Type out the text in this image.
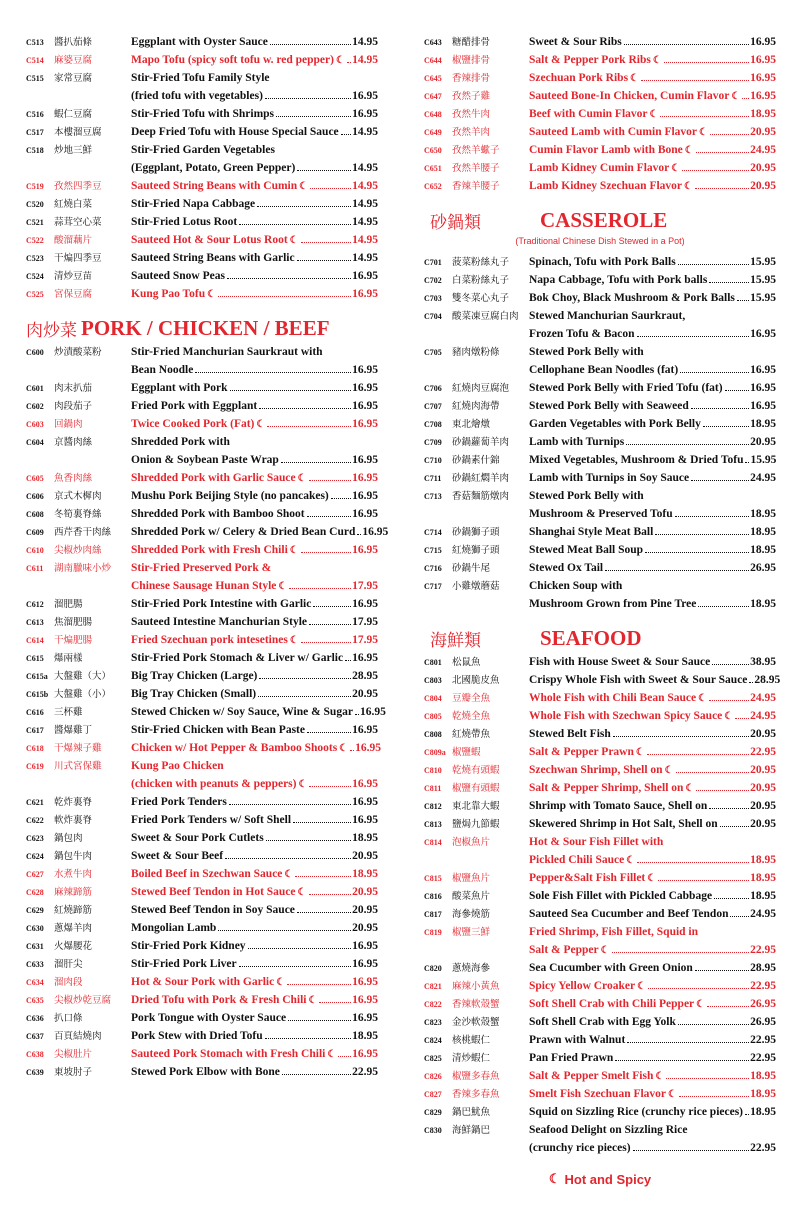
C513	醬扒茄條	Eggplant with Oyster Sauce	14.95
C514	麻婆豆腐	Mapo Tofu (spicy soft tofu w. red pepper) ☾ 14.95
C515	家常豆腐	Stir-Fried Tofu Family Style
(fried tofu with vegetables)	16.95
C516	蝦仁豆腐	Stir-Fried Tofu with Shrimps	16.95
C517	本樓溜豆腐	Deep Fried Tofu with House Special Sauce 14.95
C518	炒地三鮮	Stir-Fried Garden Vegetables
(Eggplant, Potato, Green Pepper)	14.95
C519	孜然四季豆	Sauteed String Beans with Cumin ☾	14.95
C520	紅燒白菜	Stir-Fried Napa Cabbage	14.95
C521	蒜茸空心菜	Stir-Fried Lotus Root	14.95
C522	酸溜藕片	Sauteed Hot & Sour Lotus Root ☾	14.95
C523	干煸四季豆	Sauteed String Beans with Garlic	14.95
C524	清炒豆苗	Sauteed Snow Peas	16.95
C525	宮保豆腐	Kung Pao Tofu ☾	16.95
肉炒菜 PORK / CHICKEN / BEEF
C600	炒漬酸菜粉	Stir-Fried Manchurian Saurkraut with
Bean Noodle	16.95
C601	肉末扒茄	Eggplant with Pork	16.95
C602	肉段茄子	Fried Pork with Eggplant	16.95
C603	回鍋肉	Twice Cooked Pork (Fat) ☾	16.95
C604	京醬肉絲	Shredded Pork with
Onion & Soybean Paste Wrap	16.95
C605	魚香肉絲	Shredded Pork with Garlic Sauce ☾	16.95
C606	京式木樨肉	Mushu Pork Beijing Style (no pancakes) 16.95
C608	冬筍裏脊絲	Shredded Pork with Bamboo Shoot	16.95
C609	西芹香干肉絲	Shredded Pork w/ Celery & Dried Bean Curd 16.95
C610	尖椒炒肉絲	Shredded Pork with Fresh Chili ☾	16.95
C611	湖南臘味小炒	Stir-Fried Preserved Pork &
Chinese Sausage Hunan Style ☾	17.95
C612	溜肥腸	Stir-Fried Pork Intestine with Garlic	16.95
C613	焦溜肥腸	Sauteed Intestine Manchurian Style	17.95
C614	干煸肥腸	Fried Szechuan pork intesetines ☾	17.95
C615	爆兩樣	Stir-Fried Pork Stomach & Liver w/ Garlic 16.95
C615a 大盤雞（大）	Big Tray Chicken (Large)	28.95
C615b 大盤雞（小）	Big Tray Chicken (Small)	20.95
C616	三杯雞	Stewed Chicken w/ Soy Sauce, Wine & Sugar 16.95
C617	醬爆雞丁	Stir-Fried Chicken with Bean Paste	16.95
C618	干爆辣子雞	Chicken w/ Hot Pepper & Bamboo Shoots ☾ 16.95
C619	川式宮保雞	Kung Pao Chicken
(chicken with peanuts & peppers) ☾	16.95
C621	乾炸裏脊	Fried Pork Tenders	16.95
C622	軟炸裏脊	Fried Pork Tenders w/ Soft Shell	16.95
C623	鍋包肉	Sweet & Sour Pork Cutlets	18.95
C624	鍋包牛肉	Sweet & Sour Beef	20.95
C627	水煮牛肉	Boiled Beef in Szechwan Sauce ☾	18.95
C628	麻辣蹄筋	Stewed Beef Tendon in Hot Sauce ☾	20.95
C629	紅燒蹄筋	Stewed Beef Tendon in Soy Sauce	20.95
C630	蔥爆羊肉	Mongolian Lamb	20.95
C631	火爆腰花	Stir-Fried Pork Kidney	16.95
C633	溜肝尖	Stir-Fried Pork Liver	16.95
C634	溜肉段	Hot & Sour Pork with Garlic ☾	16.95
C635	尖椒炒乾豆腐	Dried Tofu with Pork & Fresh Chili ☾	16.95
C636	扒口條	Pork Tongue with Oyster Sauce	16.95
C637	百頁結燒肉	Pork Stew with Dried Tofu	18.95
C638	尖椒肚片	Sauteed Pork Stomach with Fresh Chili ☾ 16.95
C639	東坡肘子	Stewed Pork Elbow with Bone	22.95
C643	糖醋排骨	Sweet & Sour Ribs	16.95
C644	椒鹽排骨	Salt & Pepper Pork Ribs ☾	16.95
C645	香辣排骨	Szechuan Pork Ribs ☾	16.95
C647	孜然子雞	Sauteed Bone-In Chicken, Cumin Flavor ☾ 16.95
C648	孜然牛肉	Beef with Cumin Flavor ☾	18.95
C649	孜然羊肉	Sauteed Lamb with Cumin Flavor ☾	20.95
C650	孜然羊蠍子	Cumin Flavor Lamb with Bone ☾	24.95
C651	孜然羊腰子	Lamb Kidney Cumin Flavor ☾	20.95
C652	香辣羊腰子	Lamb Kidney Szechuan Flavor ☾	20.95
砂鍋類	CASSEROLE
(Traditional Chinese Dish Stewed in a Pot)
C701	菠菜粉絲丸子	Spinach, Tofu with Pork Balls	15.95
C702	白菜粉絲丸子	Napa Cabbage, Tofu with Pork balls	15.95
C703	雙冬菜心丸子	Bok Choy, Black Mushroom & Pork Balls 15.95
C704	酸菜凍豆腐白肉 Stewed Manchurian Saurkraut,
Frozen Tofu & Bacon	16.95
C705	豬肉燉粉條	Stewed Pork Belly with
Cellophane Bean Noodles (fat)	16.95
C706	紅燒肉豆腐泡	Stewed Pork Belly with Fried Tofu (fat) 16.95
C707	紅燒肉海帶	Stewed Pork Belly with Seaweed	16.95
C708	東北燴燉	Garden Vegetables with Pork Belly	18.95
C709	砂鍋蘿蔔羊肉	Lamb with Turnips	20.95
C710	砂鍋素什錦	Mixed Vegetables, Mushroom & Dried Tofu 15.95
C711	砂鍋紅燜羊肉	Lamb with Turnips in Soy Sauce	24.95
C713	香菇麵筋燉肉	Stewed Pork Belly with
Mushroom & Preserved Tofu	18.95
C714	砂鍋獅子頭	Shanghai Style Meat Ball	18.95
C715	紅燒獅子頭	Stewed Meat Ball Soup	18.95
C716	砂鍋牛尾	Stewed Ox Tail	26.95
C717	小雞燉蘑菇	Chicken Soup with
Mushroom Grown from Pine Tree	18.95
海鮮類	SEAFOOD
C801	松鼠魚	Fish with House Sweet & Sour Sauce	38.95
C803	北國脆皮魚	Crispy Whole Fish with Sweet & Sour Sauce 28.95
C804	豆瓣全魚	Whole Fish with Chili Bean Sauce ☾	24.95
C805	乾燒全魚	Whole Fish with Szechwan Spicy Sauce ☾ 24.95
C808	紅燒帶魚	Stewed Belt Fish	20.95
C809a 椒鹽蝦	Salt & Pepper Prawn ☾	22.95
C810	乾燒有頭蝦	Szechwan Shrimp, Shell on ☾	20.95
C811	椒鹽有頭蝦	Salt & Pepper Shrimp, Shell on ☾	20.95
C812	東北靠大蝦	Shrimp with Tomato Sauce, Shell on	20.95
C813	鹽焗九節蝦	Skewered Shrimp in Hot Salt, Shell on	20.95
C814	泡椒魚片	Hot & Sour Fish Fillet with
Pickled Chili Sauce ☾	18.95
C815	椒鹽魚片	Pepper&Salt Fish Fillet ☾	18.95
C816	酸菜魚片	Sole Fish Fillet with Pickled Cabbage	18.95
C817	海參燒筋	Sauteed Sea Cucumber and Beef Tendon 24.95
C819	椒鹽三鮮	Fried Shrimp, Fish Fillet, Squid in
Salt & Pepper ☾	22.95
C820	蔥燒海參	Sea Cucumber with Green Onion	28.95
C821	麻辣小黃魚	Spicy Yellow Croaker ☾	22.95
C822	香辣軟殼蟹	Soft Shell Crab with Chili Pepper ☾	26.95
C823	金沙軟殼蟹	Soft Shell Crab with Egg Yolk	26.95
C824	核桃蝦仁	Prawn with Walnut	22.95
C825	清炒蝦仁	Pan Fried Prawn	22.95
C826	椒鹽多春魚	Salt & Pepper Smelt Fish ☾	18.95
C827	香辣多春魚	Smelt Fish Szechuan Flavor ☾	18.95
C829	鍋巴魷魚	Squid on Sizzling Rice (crunchy rice pieces) 18.95
C830	海鮮鍋巴	Seafood Delight on Sizzling Rice
(crunchy rice pieces)	22.95
☾ Hot and Spicy
